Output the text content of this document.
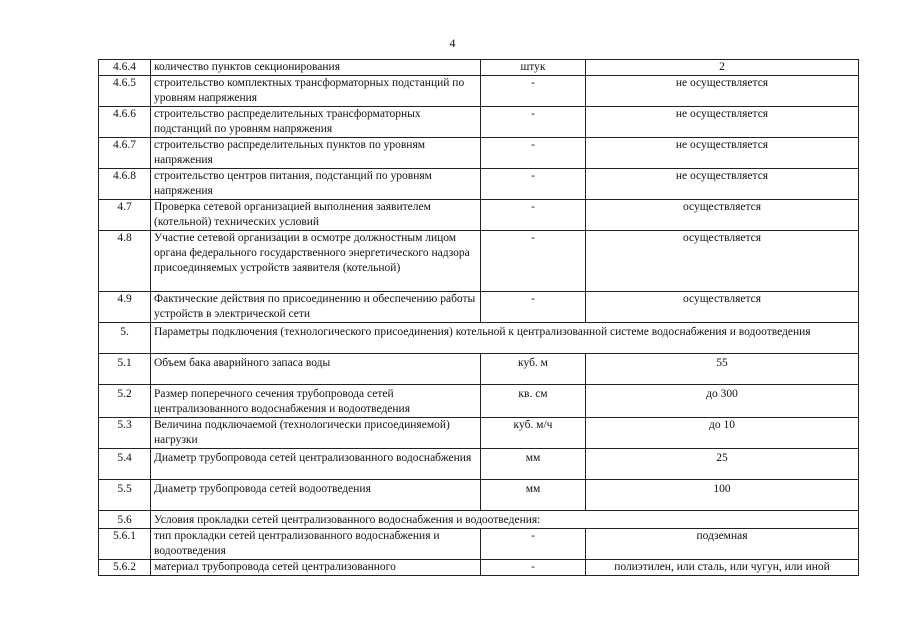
4
4.6.4	количество пунктов секционирования	штук	2
4.6.5	строительство комплектных трансформаторных подстанций по уровням напряжения	-	не осуществляется
4.6.6	строительство распределительных трансформаторных подстанций по уровням напряжения	-	не осуществляется
4.6.7	строительство распределительных пунктов по уровням напряжения	-	не осуществляется
4.6.8	строительство центров питания, подстанций по уровням напряжения	-	не осуществляется
4.7	Проверка сетевой организацией выполнения заявителем (котельной) технических условий	-	осуществляется
4.8	Участие сетевой организации в осмотре должностным лицом органа федерального государственного энергетического надзора присоединяемых устройств заявителя (котельной)	-	осуществляется
4.9	Фактические действия по присоединению и обеспечению работы устройств в электрической сети	-	осуществляется
5.	Параметры подключения (технологического присоединения) котельной к централизованной системе водоснабжения и водоотведения		
5.1	Объем бака аварийного запаса воды	куб. м	55
5.2	Размер поперечного сечения трубопровода сетей централизованного водоснабжения и водоотведения	кв. см	до 300
5.3	Величина подключаемой (технологически присоединяемой) нагрузки	куб. м/ч	до 10
5.4	Диаметр трубопровода сетей централизованного водоснабжения	мм	25
5.5	Диаметр трубопровода сетей водоотведения	мм	100
5.6	Условия прокладки сетей централизованного водоснабжения и водоотведения:		
5.6.1	тип прокладки сетей централизованного водоснабжения и водоотведения	-	подземная
5.6.2	материал трубопровода сетей централизованного	-	полиэтилен, или сталь, или чугун, или иной
